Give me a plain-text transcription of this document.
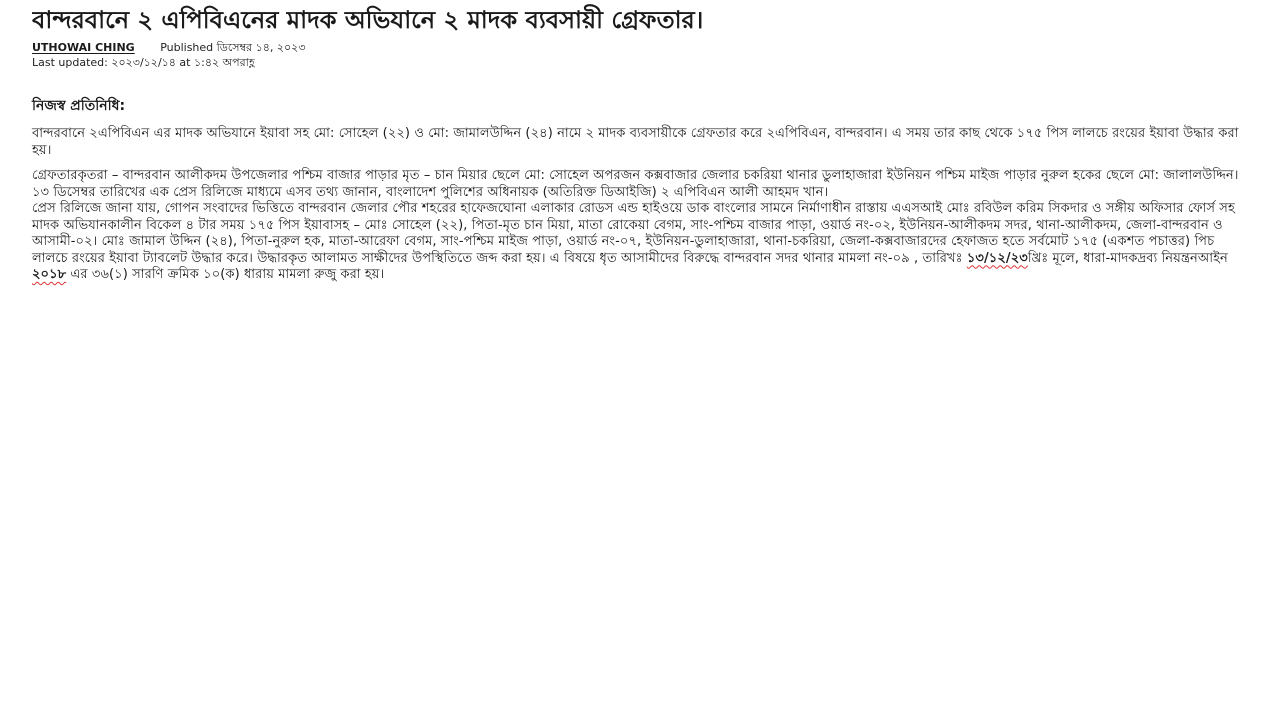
বান্দরবানে ২ এপিবিএনের মাদক অভিযানে ২ মাদক ব্যবসায়ী গ্রেফতার।
UTHOWAI CHING Published ডিসেম্বর ১৪, ২০২৩
Last updated: ২০২৩/১২/১৪ at ১:৪২ অপরাহ্ণ
নিজস্ব প্রতিনিধি:

বান্দরবানে ২এপিবিএন এর মাদক অভিযানে ইয়াবা সহ মো: সোহেল (২২) ও মো: জামালউদ্দিন (২৪) নামে ২ মাদক ব্যবসায়ীকে গ্রেফতার করে ২এপিবিএন, বান্দরবান। এ সময় তার কাছ থেকে ১৭৫ পিস লালচে রংয়ের ইয়াবা উদ্ধার করা হয়।

গ্রেফতারকৃতরা – বান্দরবান আলীকদম উপজেলার পশ্চিম বাজার পাড়ার মৃত – চান মিয়ার ছেলে মো: সোহেল অপরজন কক্সবাজার জেলার চকরিয়া থানার ডুলাহাজারা ইউনিয়ন পশ্চিম মাইজ পাড়ার নুরুল হকের ছেলে মো: জালালউদ্দিন।
১৩ ডিসেম্বর তারিখের এক প্রেস রিলিজে মাধ্যমে এসব তথ্য জানান, বাংলাদেশ পুলিশের অধিনায়ক (অতিরিক্ত ডিআইজি) ২ এপিবিএন আলী আহমদ খান।
প্রেস রিলিজে জানা যায়, গোপন সংবাদের ভিত্তিতে বান্দরবান জেলার পৌর শহরের হাফেজঘোনা এলাকার রোডস এন্ড হাইওয়ে ডাক বাংলোর সামনে নির্মাণাধীন রাস্তায় এএসআই মোঃ রবিউল করিম সিকদার ও সঙ্গীয় অফিসার ফোর্স সহ মাদক অভিযানকালীন বিকেল ৪ টার সময় ১৭৫ পিস ইয়াবাসহ – মোঃ সোহেল (২২), পিতা-মৃত চান মিয়া, মাতা রোকেয়া বেগম, সাং-পশ্চিম বাজার পাড়া, ওয়ার্ড নং-০২, ইউনিয়ন-আলীকদম সদর, থানা-আলীকদম, জেলা-বান্দরবান ও আসামী-০২। মোঃ জামাল উদ্দিন (২৪), পিতা-নুরুল হক, মাতা-আরেফা বেগম, সাং-পশ্চিম মাইজ পাড়া, ওয়ার্ড নং-০৭, ইউনিয়ন-ডুলাহাজারা, থানা-চকরিয়া, জেলা-কক্সবাজারদের হেফাজত হতে সর্বমোট ১৭৫ (একশত পচাত্তর) পিচ লালচে রংয়ের ইয়াবা ট্যাবলেট উদ্ধার করে। উদ্ধারকৃত আলামত সাক্ষীদের উপস্থিতিতে জব্দ করা হয়। এ বিষয়ে ধৃত আসামীদের বিরুদ্ধে বান্দরবান সদর থানার মামলা নং-০৯ , তারিখঃ ১৩/১২/২৩খ্রিঃ মূলে, ধারা-মাদকদ্রব্য নিয়ন্ত্রনআইন ২০১৮ এর ৩৬(১) সারণি ক্রমিক ১০(ক) ধারায় মামলা রুজু করা হয়।
